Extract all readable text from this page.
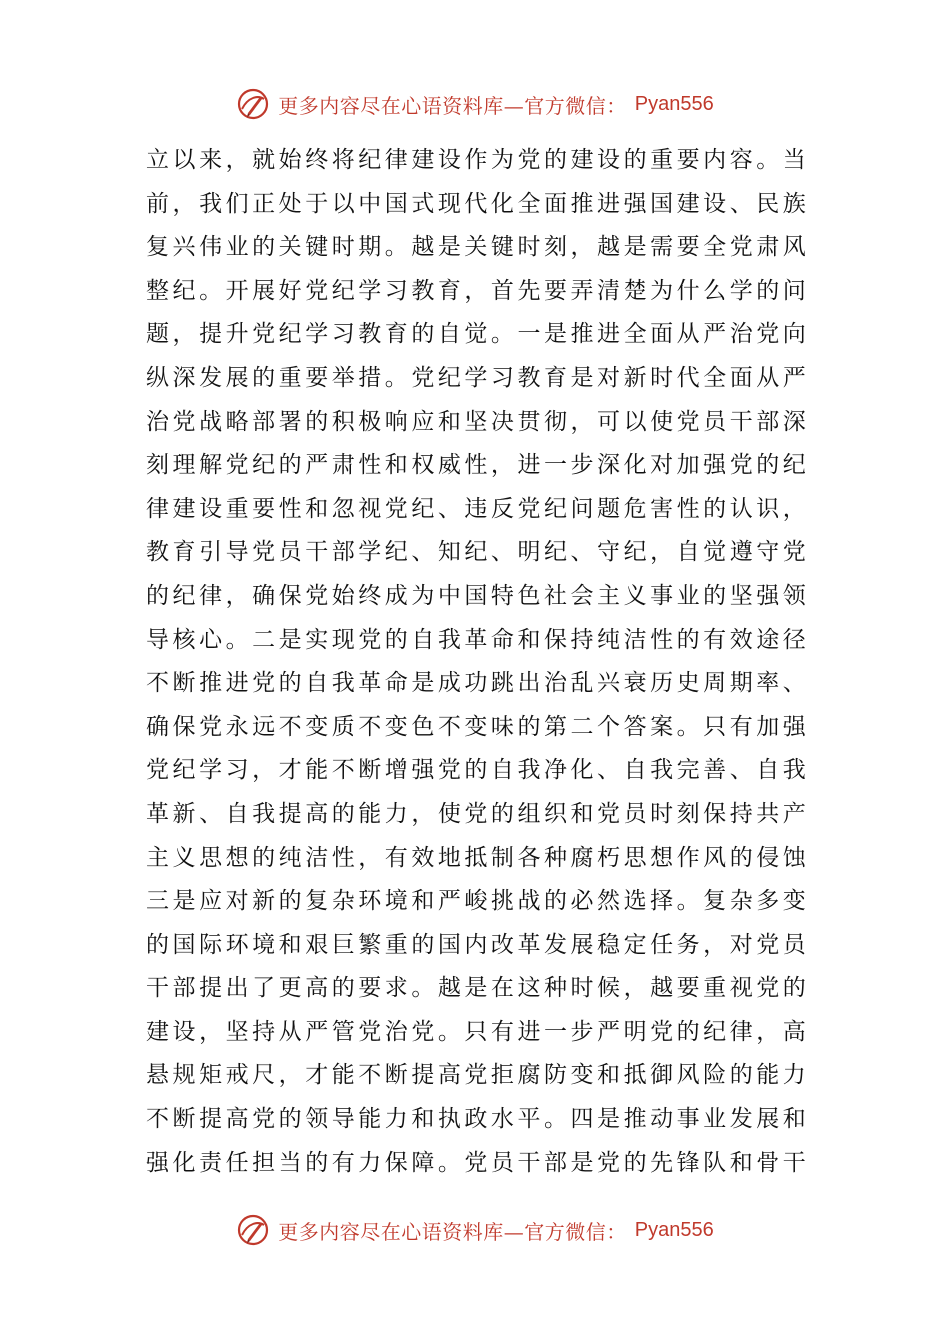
更多内容尽在心语资料库—官方微信： Pyan556
立 以 来 ， 就 始 终 将 纪 律 建 设 作 为 党 的 建 设 的 重 要 内 容 。 当
前 ， 我 们 正 处 于 以 中 国 式 现 代 化 全 面 推 进 强 国 建 设 、 民 族
复 兴 伟 业 的 关 键 时 期 。 越 是 关 键 时 刻 ， 越 是 需 要 全 党 肃 风
整 纪 。 开 展 好 党 纪 学 习 教 育 ， 首 先 要 弄 清 楚 为 什 么 学 的 问
题 ， 提 升 党 纪 学 习 教 育 的 自 觉 。 一 是 推 进 全 面 从 严 治 党 向
纵 深 发 展 的 重 要 举 措 。 党 纪 学 习 教 育 是 对 新 时 代 全 面 从 严
治 党 战 略 部 署 的 积 极 响 应 和 坚 决 贯 彻 ， 可 以 使 党 员 干 部 深
刻 理 解 党 纪 的 严 肃 性 和 权 威 性 ， 进 一 步 深 化 对 加 强 党 的 纪
律 建 设 重 要 性 和 忽 视 党 纪 、 违 反 党 纪 问 题 危 害 性 的 认 识 ，
教 育 引 导 党 员 干 部 学 纪 、 知 纪 、 明 纪 、 守 纪 ， 自 觉 遵 守 党
的 纪 律 ， 确 保 党 始 终 成 为 中 国 特 色 社 会 主 义 事 业 的 坚 强 领
导 核 心 。 二 是 实 现 党 的 自 我 革 命 和 保 持 纯 洁 性 的 有 效 途 径
不 断 推 进 党 的 自 我 革 命 是 成 功 跳 出 治 乱 兴 衰 历 史 周 期 率 、
确 保 党 永 远 不 变 质 不 变 色 不 变 味 的 第 二 个 答 案 。 只 有 加 强
党 纪 学 习 ， 才 能 不 断 增 强 党 的 自 我 净 化 、 自 我 完 善 、 自 我
革 新 、 自 我 提 高 的 能 力 ， 使 党 的 组 织 和 党 员 时 刻 保 持 共 产
主 义 思 想 的 纯 洁 性 ， 有 效 地 抵 制 各 种 腐 朽 思 想 作 风 的 侵 蚀
三 是 应 对 新 的 复 杂 环 境 和 严 峻 挑 战 的 必 然 选 择 。 复 杂 多 变
的 国 际 环 境 和 艰 巨 繁 重 的 国 内 改 革 发 展 稳 定 任 务 ， 对 党 员
干 部 提 出 了 更 高 的 要 求 。 越 是 在 这 种 时 候 ， 越 要 重 视 党 的
建 设 ， 坚 持 从 严 管 党 治 党 。 只 有 进 一 步 严 明 党 的 纪 律 ， 高
悬 规 矩 戒 尺 ， 才 能 不 断 提 高 党 拒 腐 防 变 和 抵 御 风 险 的 能 力
不 断 提 高 党 的 领 导 能 力 和 执 政 水 平 。 四 是 推 动 事 业 发 展 和
强 化 责 任 担 当 的 有 力 保 障 。 党 员 干 部 是 党 的 先 锋 队 和 骨 干
更多内容尽在心语资料库—官方微信： Pyan556
